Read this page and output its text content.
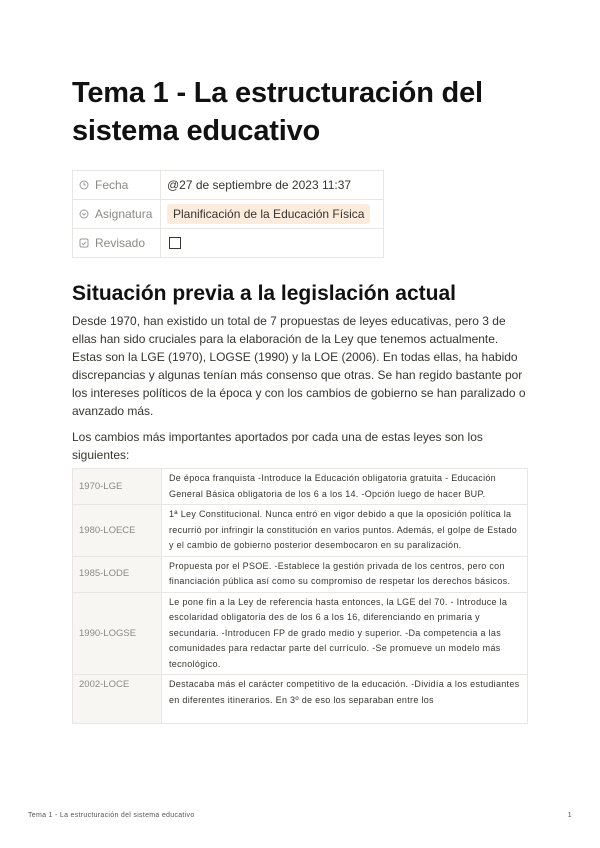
Tema 1 - La estructuración del sistema educativo
Fecha	@27 de septiembre de 2023 11:37
Asignatura	Planificación de la Educación Física
Revisado	
Situación previa a la legislación actual

Desde 1970, han existido un total de 7 propuestas de leyes educativas, pero 3 de ellas han sido cruciales para la elaboración de la Ley que tenemos actualmente. Estas son la LGE (1970), LOGSE (1990) y la LOE (2006). En todas ellas, ha habido discrepancias y algunas tenían más consenso que otras. Se han regido bastante por los intereses políticos de la época y con los cambios de gobierno se han paralizado o avanzado más.

Los cambios más importantes aportados por cada una de estas leyes son los siguientes:

1970-LGE	De época franquista -Introduce la Educación obligatoria gratuita - Educación General Básica obligatoria de los 6 a los 14. -Opción luego de hacer BUP.
1980-LOECE	1ª Ley Constitucional. Nunca entró en vigor debido a que la oposición política la recurrió por infringir la constitución en varios puntos. Además, el golpe de Estado y el cambio de gobierno posterior desembocaron en su paralización.
1985-LODE	Propuesta por el PSOE. -Establece la gestión privada de los centros, pero con financiación pública así como su compromiso de respetar los derechos básicos.
1990-LOGSE	Le pone fin a la Ley de referencia hasta entonces, la LGE del 70. - Introduce la escolaridad obligatoria des de los 6 a los 16, diferenciando en primaria y secundaria. -Introducen FP de grado medio y superior. -Da competencia a las comunidades para redactar parte del currículo. -Se promueve un modelo más tecnológico.
2002-LOCE	Destacaba más el carácter competitivo de la educación. -Dividía a los estudiantes en diferentes itinerarios. En 3º de eso los separaban entre los
Tema 1 - La estructuración del sistema educativo	1
